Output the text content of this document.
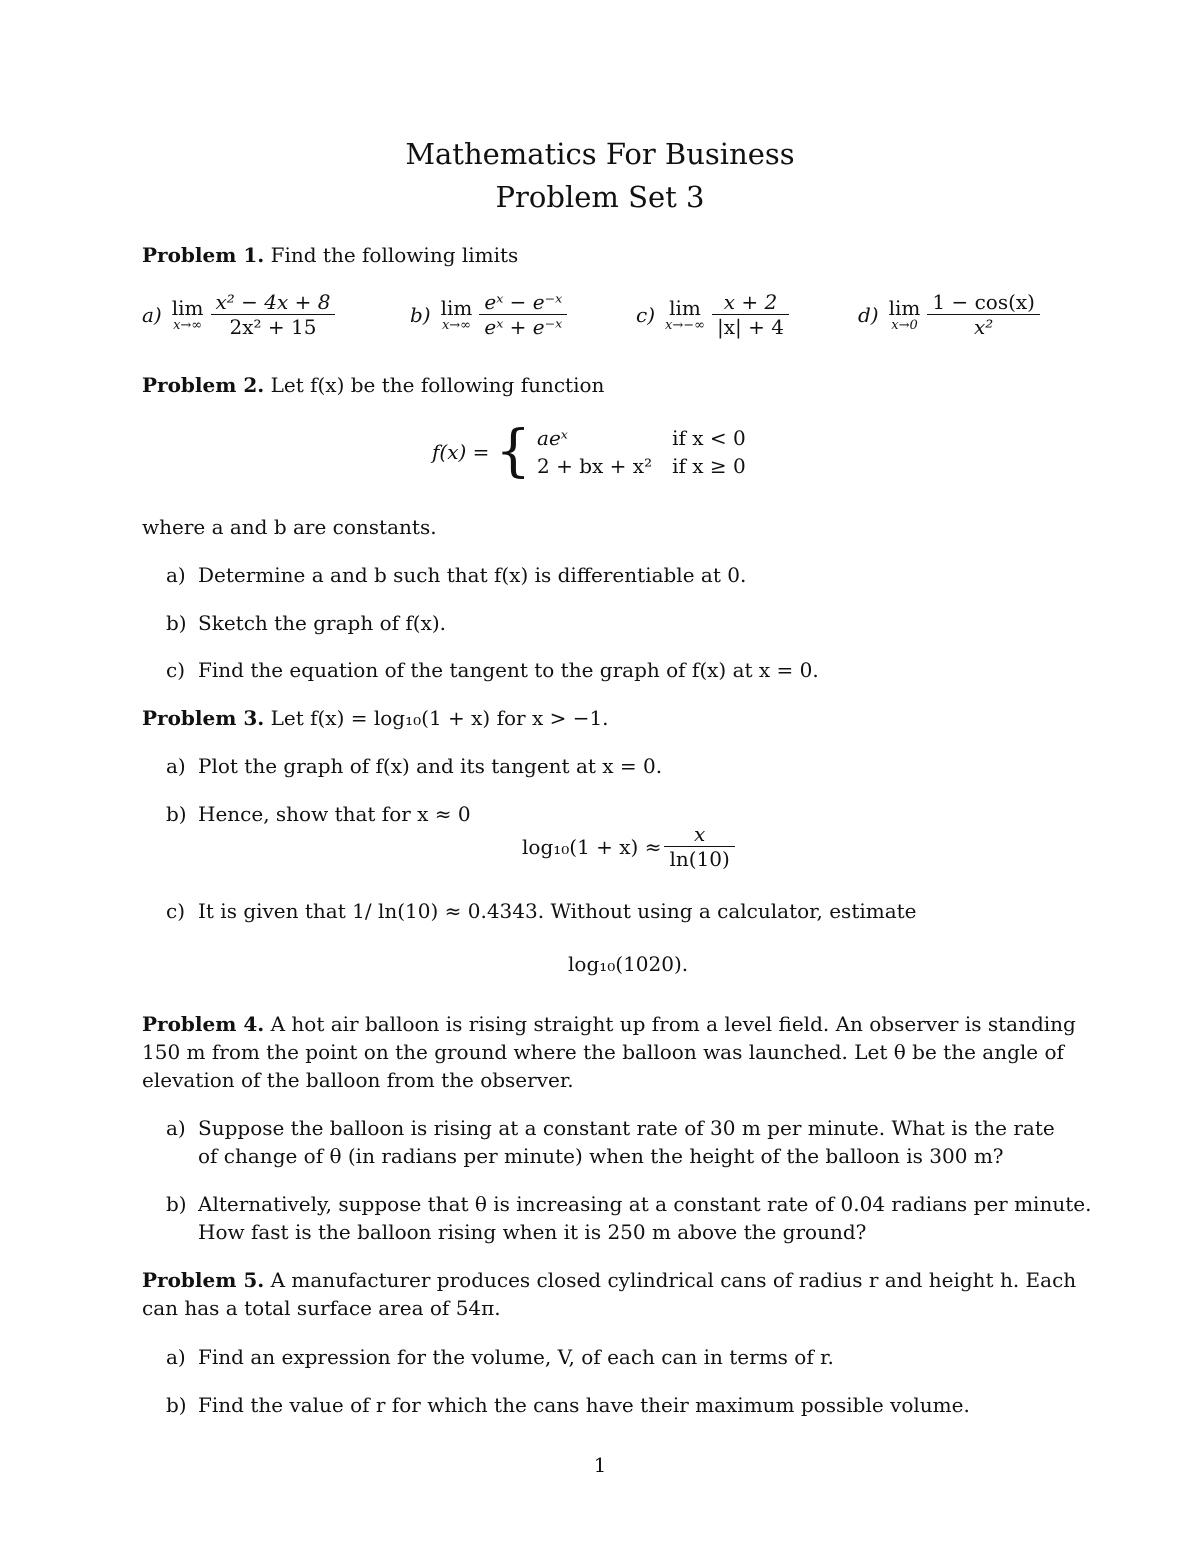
Mathematics For Business
Problem Set 3
Problem 1. Find the following limits
a) lim
$x\to\infty \frac{\text{x² − 4x + 8}}{\text{2x² + 15}}$	b) lim
$x\to\infty \frac{\text{eˣ − e⁻ˣ}}{\text{eˣ + e⁻ˣ}}$	c) lim
$x\to-\infty \frac{x + 2}{|x| + 4}$	d) lim
$x\to 0 \frac{1 - \cos(x)}{\text{x²}}$
Problem 2. Let f(x) be the following function
f(x) = { aeˣ	if x < 0
2 + bx + x²	if x ≥ 0
where a and b are constants.
a) Determine a and b such that f(x) is differentiable at 0.
b) Sketch the graph of f(x).
c) Find the equation of the tangent to the graph of f(x) at x = 0.
Problem 3. Let f(x) = log₁₀(1 + x) for x > −1.
a) Plot the graph of f(x) and its tangent at x = 0.
b) Hence, show that for x ≈ 0
$\log_{10}(1 + x) \approx \frac{x}{\ln(10)}$
c) It is given that 1/ ln(10) ≈ 0.4343. Without using a calculator, estimate
log₁₀(1020).
Problem 4. A hot air balloon is rising straight up from a level field. An observer is standing
150 m from the point on the ground where the balloon was launched. Let θ be the angle of
elevation of the balloon from the observer.
a) Suppose the balloon is rising at a constant rate of 30 m per minute. What is the rate
of change of θ (in radians per minute) when the height of the balloon is 300 m?
b) Alternatively, suppose that θ is increasing at a constant rate of 0.04 radians per minute.
How fast is the balloon rising when it is 250 m above the ground?
Problem 5. A manufacturer produces closed cylindrical cans of radius r and height h. Each
can has a total surface area of 54π.
a) Find an expression for the volume, V, of each can in terms of r.
b) Find the value of r for which the cans have their maximum possible volume.
1
